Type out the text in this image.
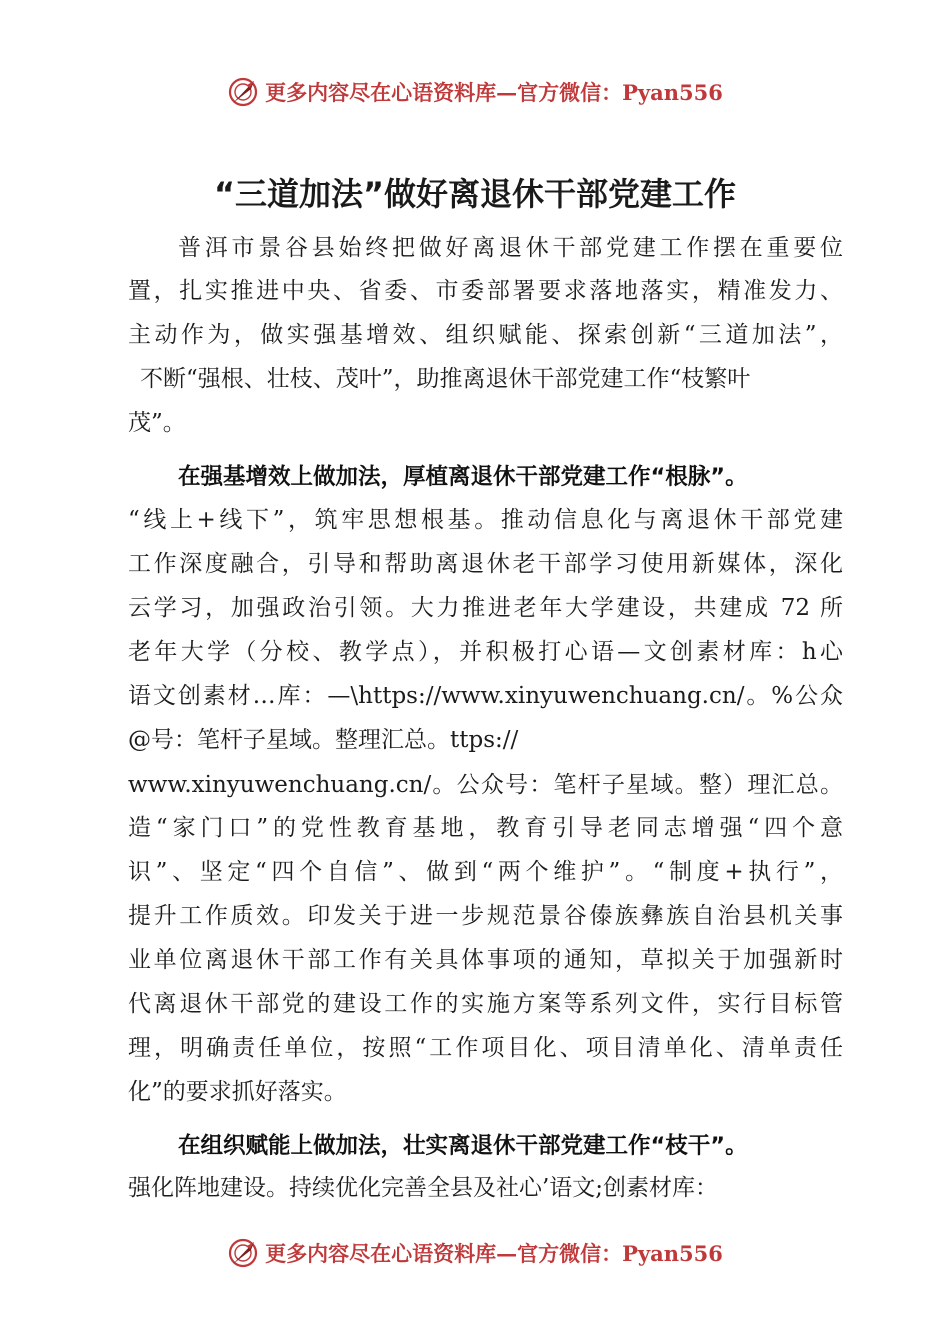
更多内容尽在心语资料库—官方微信：Pyan556
“三道加法”做好离退休干部党建工作
普洱市景谷县始终把做好离退休干部党建工作摆在重要位
置，扎实推进中央、省委、市委部署要求落地落实，精准发力、
主动作为，做实强基增效、组织赋能、探索创新“三道加法”，
不断“强根、壮枝、茂叶”，助推离退休干部党建工作“枝繁叶
茂”。
在强基增效上做加法，厚植离退休干部党建工作“根脉”。
“线上+线下”，筑牢思想根基。推动信息化与离退休干部党建
工作深度融合，引导和帮助离退休老干部学习使用新媒体，深化
云学习，加强政治引领。大力推进老年大学建设，共建成 72 所
老年大学（分校、教学点），并积极打心语—文创素材库：h心
语文创素材…库：—\https://www.xinyuwenchuang.cn/。%公众
@号：笔杆子星域。整理汇总。ttps://
www.xinyuwenchuang.cn/。公众号：笔杆子星域。整）理汇总。
造“家门口”的党性教育基地，教育引导老同志增强“四个意
识”、坚定“四个自信”、做到“两个维护”。“制度+执行”，
提升工作质效。印发关于进一步规范景谷傣族彝族自治县机关事
业单位离退休干部工作有关具体事项的通知，草拟关于加强新时
代离退休干部党的建设工作的实施方案等系列文件，实行目标管
理，明确责任单位，按照“工作项目化、项目清单化、清单责任
化”的要求抓好落实。
在组织赋能上做加法，壮实离退休干部党建工作“枝干”。
强化阵地建设。持续优化完善全县及社心’语文;创素材库：
更多内容尽在心语资料库—官方微信：Pyan556
